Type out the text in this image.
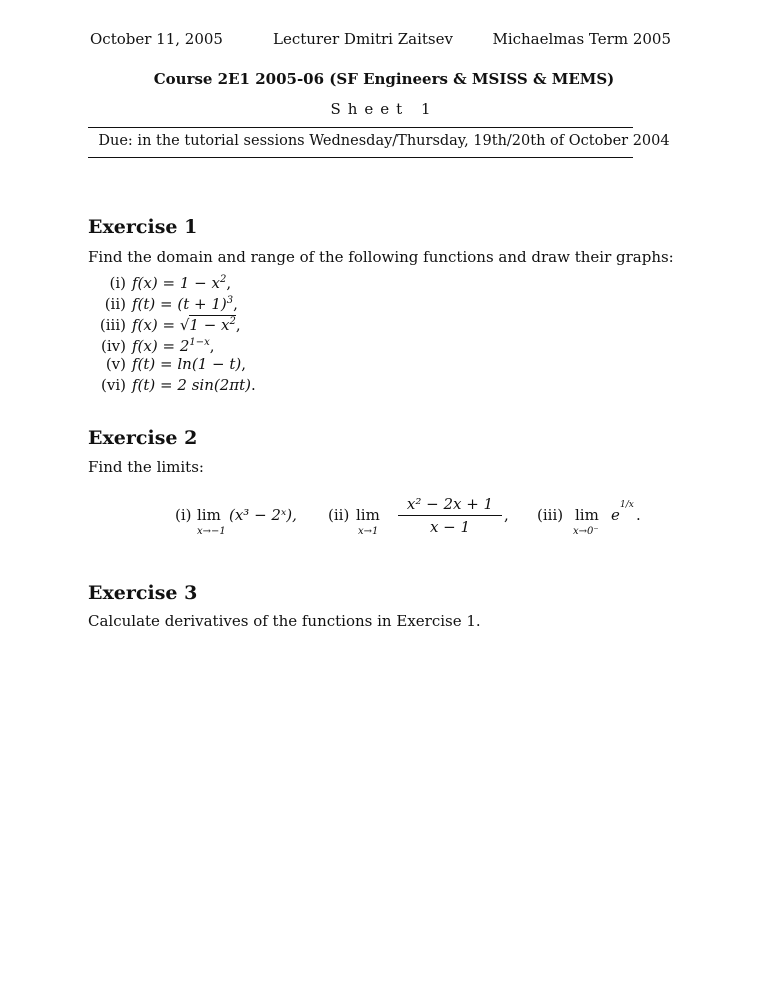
October 11, 2005	Lecturer Dmitri Zaitsev	Michaelmas Term 2005
Course 2E1 2005-06 (SF Engineers & MSISS & MEMS)
Sheet 1
Due: in the tutorial sessions Wednesday/Thursday, 19th/20th of October 2004
Exercise 1
Find the domain and range of the following functions and draw their graphs:
(i) $f(x) = 1 - x^2$,
(ii) $f(t) = (t + 1)^3$,
(iii) $f(x) = √1 - x^2$,
(iv) $f(x) = 2^{1-x}$,
(v) f(t) = ln(1 − t),
(vi) f(t) = 2 sin(2πt).
Exercise 2
Find the limits:
(i) lim
x→−1
(x³ − 2ˣ), (ii) lim
x→1
x² − 2x + 1
x − 1
, (iii) lim
x→0⁻
e
1/x
.
Exercise 3
Calculate derivatives of the functions in Exercise 1.
